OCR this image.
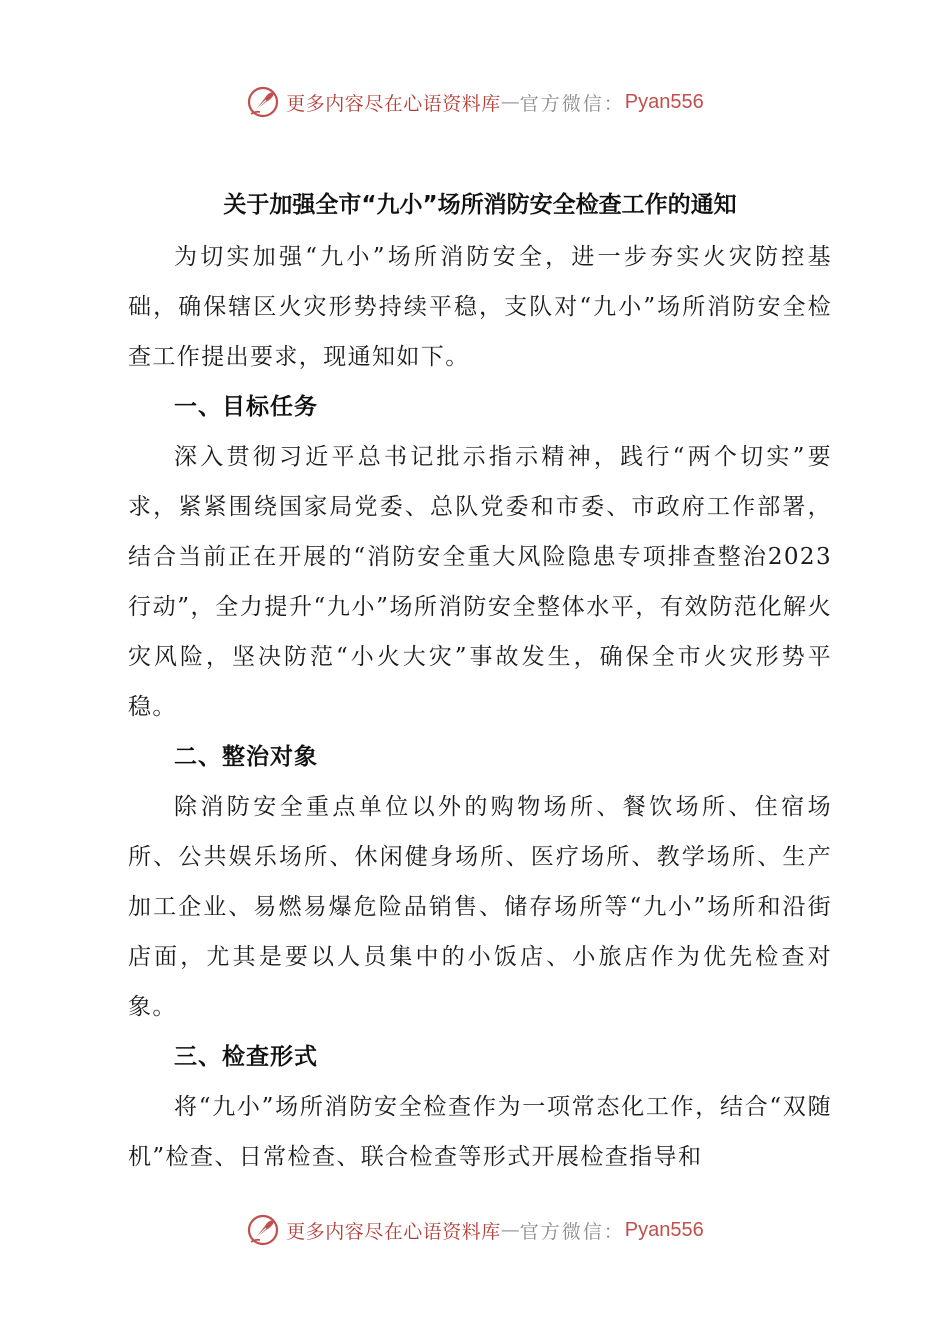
更多内容尽在心语资料库 — 官方微信： Pyan556
关于加强全市“九小”场所消防安全检查工作的通知

为切实加强“九小”场所消防安全，进一步夯实火灾防控基础，确保辖区火灾形势持续平稳，支队对“九小”场所消防安全检查工作提出要求，现通知如下。

一、目标任务

深入贯彻习近平总书记批示指示精神，践行“两个切实”要求，紧紧围绕国家局党委、总队党委和市委、市政府工作部署，结合当前正在开展的“消防安全重大风险隐患专项排查整治2023行动”，全力提升“九小”场所消防安全整体水平，有效防范化解火灾风险，坚决防范“小火大灾”事故发生，确保全市火灾形势平稳。

二、整治对象

除消防安全重点单位以外的购物场所、餐饮场所、住宿场所、公共娱乐场所、休闲健身场所、医疗场所、教学场所、生产加工企业、易燃易爆危险品销售、储存场所等“九小”场所和沿街店面，尤其是要以人员集中的小饭店、小旅店作为优先检查对象。

三、检查形式

将“九小”场所消防安全检查作为一项常态化工作，结合“双随机”检查、日常检查、联合检查等形式开展检查指导和

更多内容尽在心语资料库 — 官方微信： Pyan556
